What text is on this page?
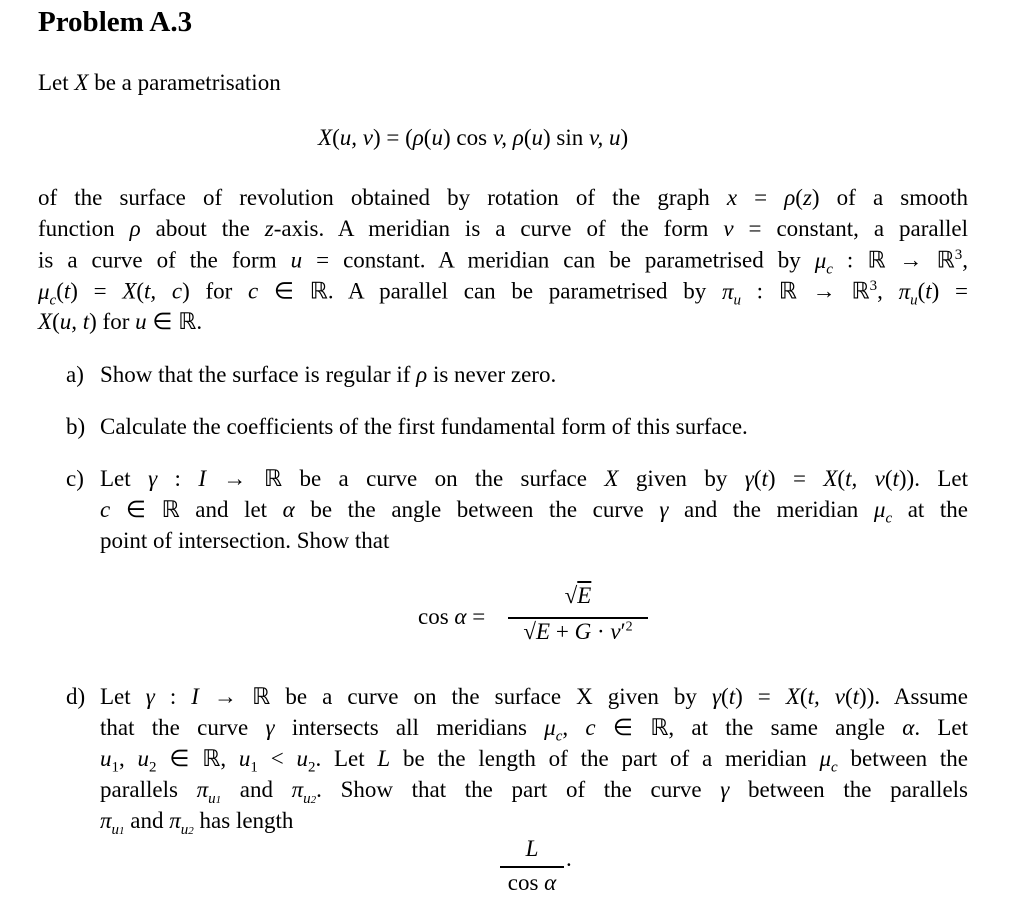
Problem A.3
Let X be a parametrisation
X(u, v) = (ρ(u) cos v, ρ(u) sin v, u)
of the surface of revolution obtained by rotation of the graph x = ρ(z) of a smooth
function ρ about the z-axis. A meridian is a curve of the form v = constant, a parallel
is a curve of the form u = constant. A meridian can be parametrised by $\mu_c$ : ℝ → ℝ$^3$,
$\mu_c(t) = X(t$, c) for c ∈ ℝ. A parallel can be parametrised by $\pi_u$ : ℝ → ℝ$^3$, $\pi_u(t)$ =
X(u, t) for u ∈ ℝ.
a) Show that the surface is regular if ρ is never zero.
b) Calculate the coefficients of the first fundamental form of this surface.
c) Let γ : I → ℝ be a curve on the surface X given by γ(t) = X(t, v(t)). Let
c ∈ ℝ and let α be the angle between the curve γ and the meridian $\mu_c$ at the
point of intersection. Show that
cos α =
√E
$√E + G \cdot v'^2$
d) Let γ : I → ℝ be a curve on the surface X given by γ(t) = X(t, v(t)). Assume
that the curve γ intersects all meridians $\mu_c$, c ∈ ℝ, at the same angle α. Let
$u_1$, $u_2$ ∈ ℝ, $u_1 < u_2$. Let L be the length of the part of a meridian $\mu_c$ between the
parallels $\pi_{u1}$ and $\pi_{u2}$. Show that the part of the curve γ between the parallels
$\pi_{u1}$ and $\pi_{u2}$ has length
L
cos α
.
